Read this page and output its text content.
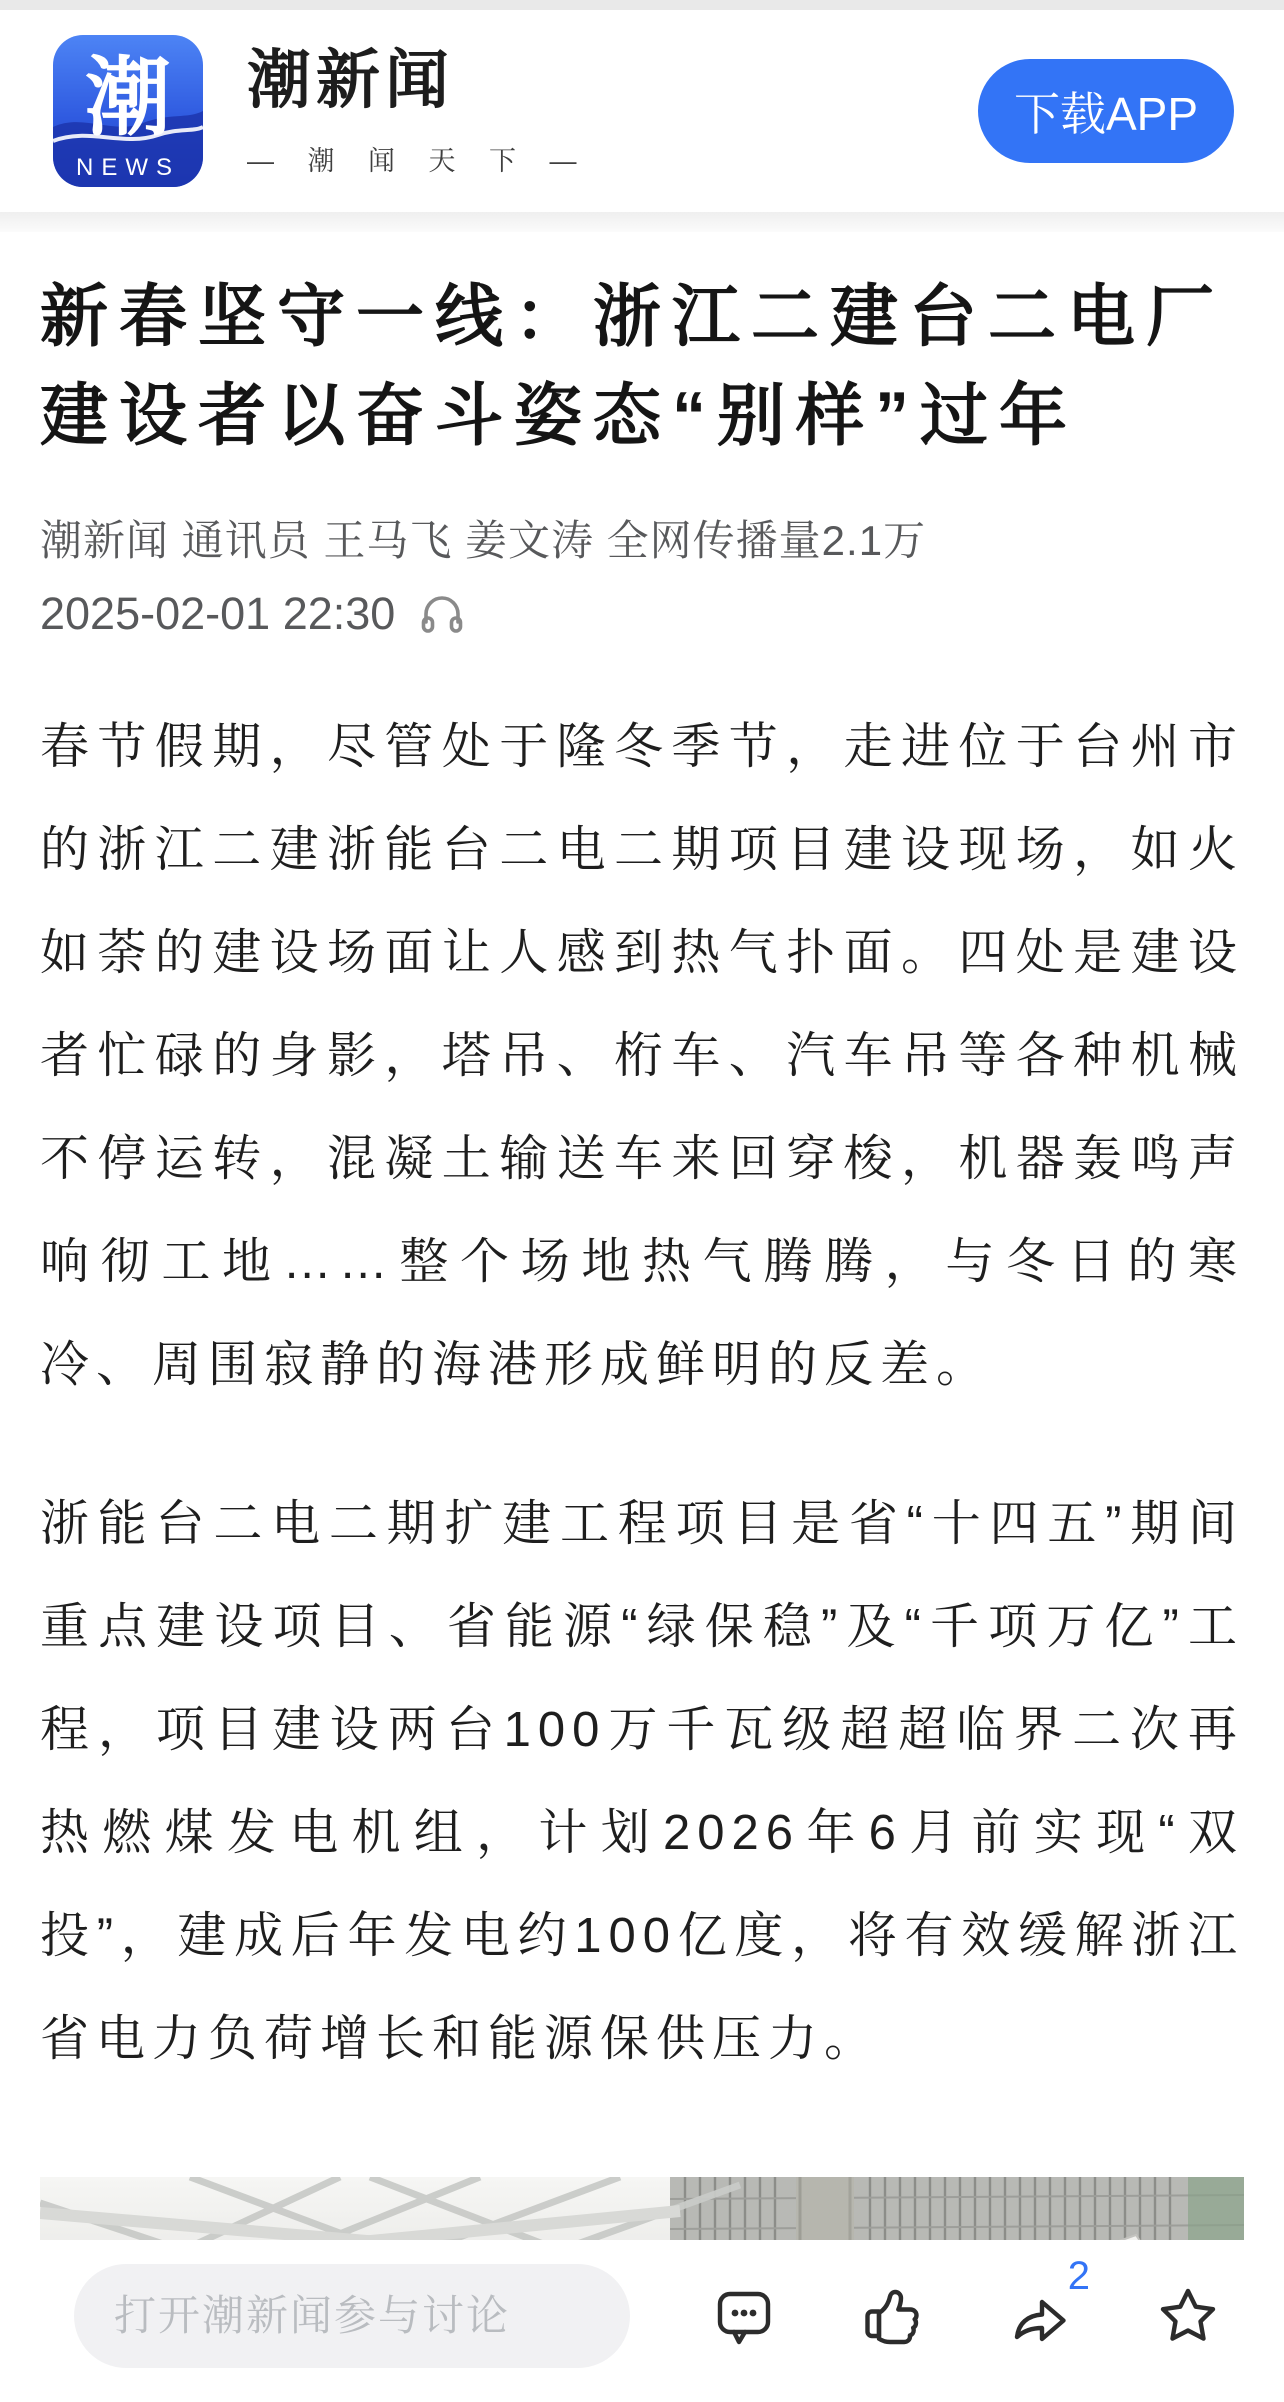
潮
NEWS
潮新闻
— 潮 闻 天 下 —
下载APP
新春坚守一线：浙江二建台二电厂建设者以奋斗姿态“别样”过年
潮新闻 通讯员 王马飞 姜文涛 全网传播量2.1万
2025-02-01 22:30

春节假期，尽管处于隆冬季节，走进位于台州市的浙江二建浙能台二电二期项目建设现场，如火如荼的建设场面让人感到热气扑面。四处是建设者忙碌的身影，塔吊、桁车、汽车吊等各种机械不停运转，混凝土输送车来回穿梭，机器轰鸣声响彻工地……整个场地热气腾腾，与冬日的寒冷、周围寂静的海港形成鲜明的反差。

浙能台二电二期扩建工程项目是省“十四五”期间重点建设项目、省能源“绿保稳”及“千项万亿”工程，项目建设两台100万千瓦级超超临界二次再热燃煤发电机组，计划2026年6月前实现“双投”，建成后年发电约100亿度，将有效缓解浙江省电力负荷增长和能源保供压力。

打开潮新闻参与讨论
2
